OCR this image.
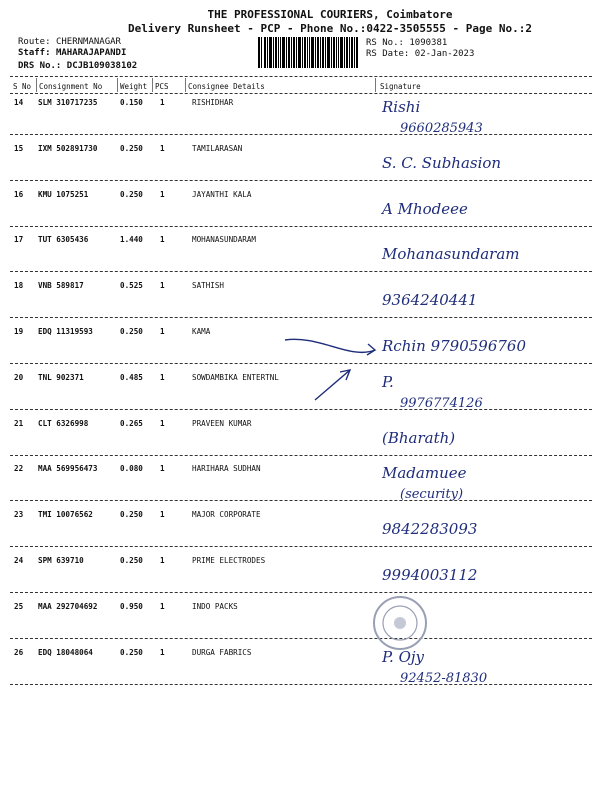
THE PROFESSIONAL COURIERS, Coimbatore
Delivery Runsheet - PCP - Phone No.:0422-3505555 - Page No.:2
Route: CHERNMANAGAR
Staff: MAHARAJAPANDI
DRS No.: DCJB109038102
RS No.: 1090381
RS Date: 02-Jan-2023
S No Consignment No Weight PCS	Consignee Details	Signature
14 SLM 310717235	0.150 1	RISHIDHAR	Rishi
9660285943
15 IXM 502891730	0.250 1	TAMILARASAN
S. C. Subhasion
16 KMU 1075251	0.250 1	JAYANTHI KALA
A Mhodeee
17 TUT 6305436	1.440 1	MOHANASUNDARAM
Mohanasundaram
18 VNB 589817	0.525 1	SATHISH
9364240441
19 EDQ 11319593	0.250 1	KAMA
Rchin 9790596760
20 TNL 902371	0.485 1	SOWDAMBIKA ENTERTNL	P.
9976774126
21 CLT 6326998	0.265 1	PRAVEEN KUMAR
(Bharath)
22 MAA 569956473	0.080 1	HARIHARA SUDHAN	Madamuee
(security)
23 TMI 10076562	0.250 1	MAJOR CORPORATE
9842283093
24 SPM 639710	0.250 1	PRIME ELECTRODES
9994003112
25 MAA 292704692	0.950 1	INDO PACKS
26 EDQ 18048064	0.250 1	DURGA FABRICS	P. Ojy
92452-81830
